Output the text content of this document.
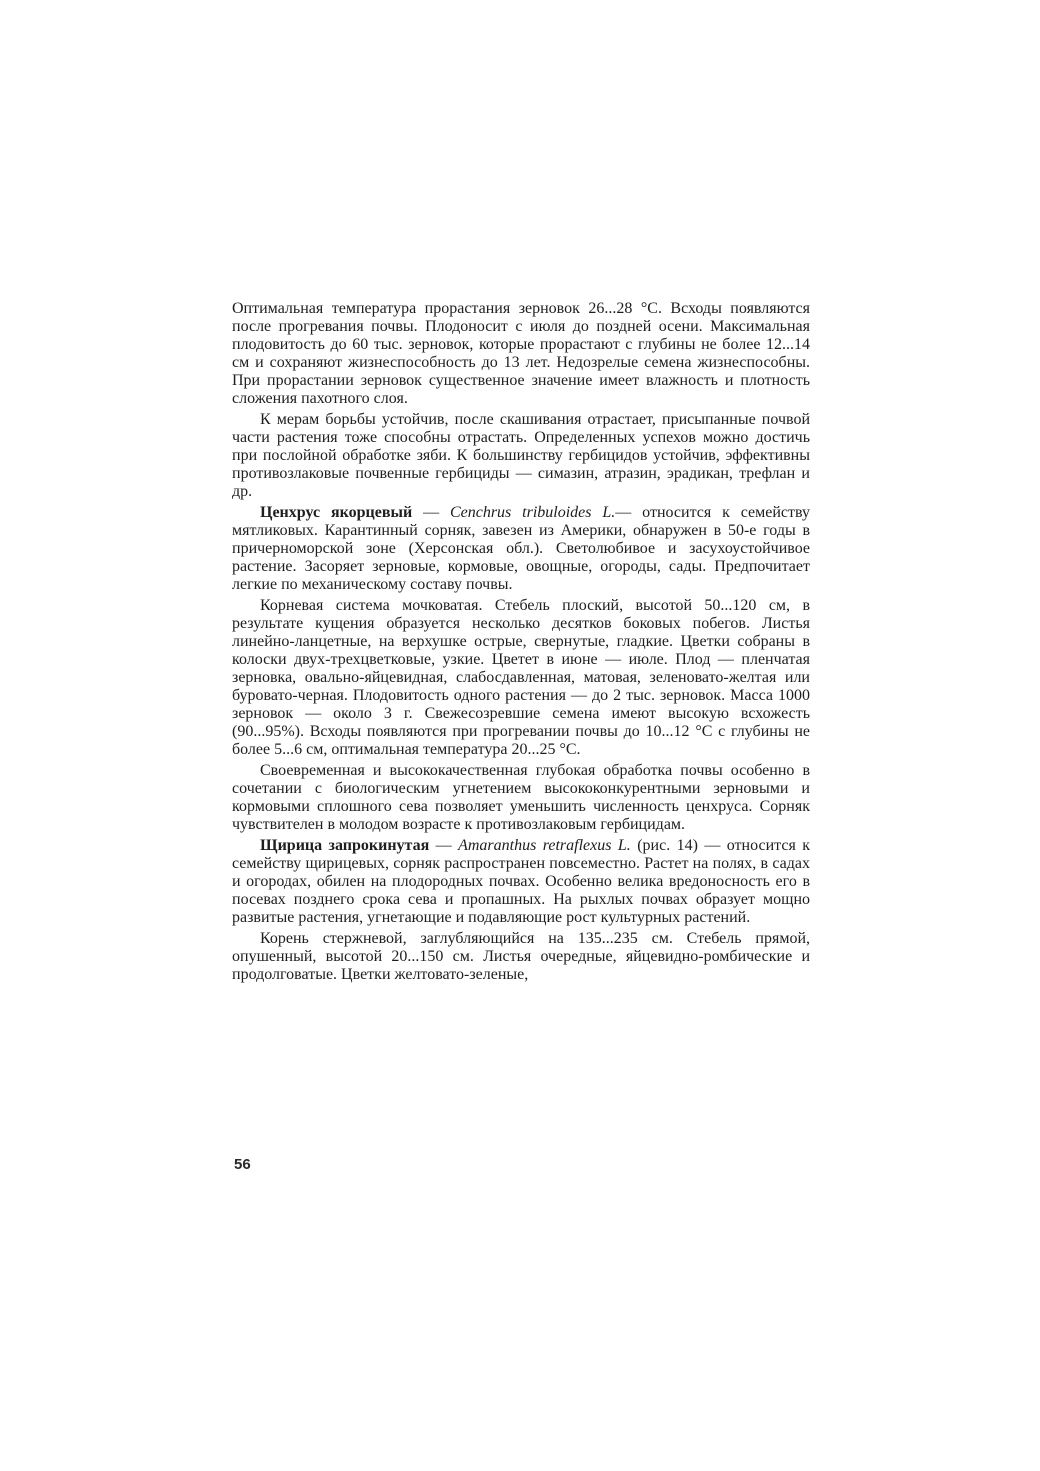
Оптимальная температура прорастания зерновок 26...28 °С. Всходы появляются после прогревания почвы. Плодоносит с июля до поздней осени. Максимальная плодовитость до 60 тыс. зерновок, которые прорастают с глубины не более 12...14 см и сохраняют жизнеспособность до 13 лет. Недозрелые семена жизнеспособны. При прорастании зерновок существенное значение имеет влажность и плотность сложения пахотного слоя.

К мерам борьбы устойчив, после скашивания отрастает, присыпанные почвой части растения тоже способны отрастать. Определенных успехов можно достичь при послойной обработке зяби. К большинству гербицидов устойчив, эффективны противозлаковые почвенные гербициды — симазин, атразин, эрадикан, трефлан и др.

Ценхрус якорцевый — Cenchrus tribuloides L.— относится к семейству мятликовых. Карантинный сорняк, завезен из Америки, обнаружен в 50-е годы в причерноморской зоне (Херсонская обл.). Светолюбивое и засухоустойчивое растение. Засоряет зерновые, кормовые, овощные, огороды, сады. Предпочитает легкие по механическому составу почвы.

Корневая система мочковатая. Стебель плоский, высотой 50...120 см, в результате кущения образуется несколько десятков боковых побегов. Листья линейно-ланцетные, на верхушке острые, свернутые, гладкие. Цветки собраны в колоски двух-трехцветковые, узкие. Цветет в июне — июле. Плод — пленчатая зерновка, овально-яйцевидная, слабосдавленная, матовая, зеленовато-желтая или буровато-черная. Плодовитость одного растения — до 2 тыс. зерновок. Масса 1000 зерновок — около 3 г. Свежесозревшие семена имеют высокую всхожесть (90...95%). Всходы появляются при прогревании почвы до 10...12 °С с глубины не более 5...6 см, оптимальная температура 20...25 °С.

Своевременная и высококачественная глубокая обработка почвы особенно в сочетании с биологическим угнетением высококонкурентными зерновыми и кормовыми сплошного сева позволяет уменьшить численность ценхруса. Сорняк чувствителен в молодом возрасте к противозлаковым гербицидам.

Щирица запрокинутая — Amaranthus retraflexus L. (рис. 14) — относится к семейству щирицевых, сорняк распространен повсеместно. Растет на полях, в садах и огородах, обилен на плодородных почвах. Особенно велика вредоносность его в посевах позднего срока сева и пропашных. На рыхлых почвах образует мощно развитые растения, угнетающие и подавляющие рост культурных растений.

Корень стержневой, заглубляющийся на 135...235 см. Стебель прямой, опушенный, высотой 20...150 см. Листья очередные, яйцевидно-ромбические и продолговатые. Цветки желтовато-зеленые,

56
